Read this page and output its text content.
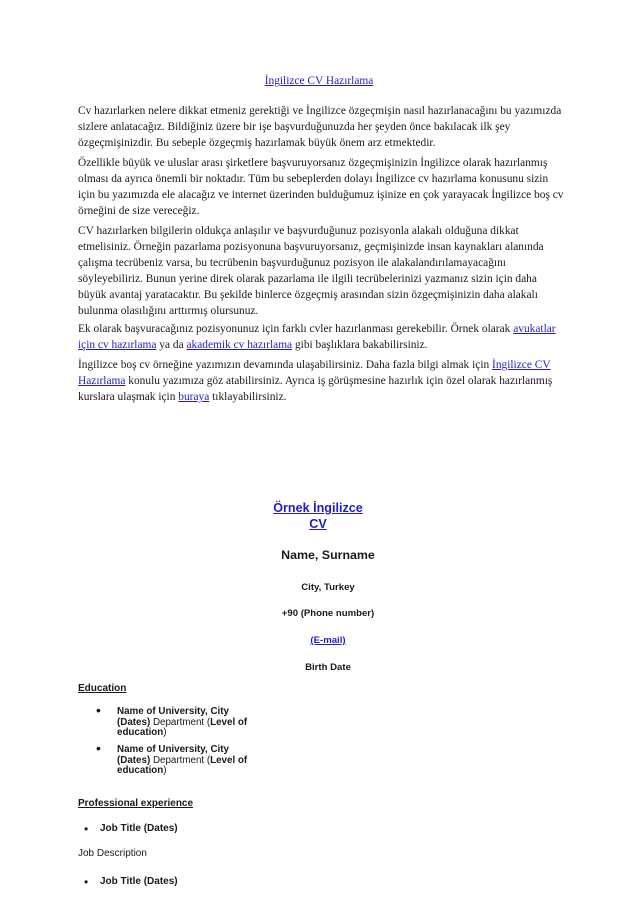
İngilizce CV Hazırlama

Cv hazırlarken nelere dikkat etmeniz gerektiği ve İngilizce özgeçmişin nasıl hazırlanacağını bu yazımızda sizlere anlatacağız. Bildiğiniz üzere bir işe başvurduğunuzda her şeyden önce bakılacak ilk şey özgeçmişinizdir. Bu sebeple özgeçmiş hazırlamak büyük önem arz etmektedir.

Özellikle büyük ve uluslar arası şirketlere başvuruyorsanız özgeçmişinizin İngilizce olarak hazırlanmış olması da ayrıca önemli bir noktadır. Tüm bu sebeplerden dolayı İngilizce cv hazırlama konusunu sizin için bu yazımızda ele alacağız ve internet üzerinden bulduğumuz işinize en çok yarayacak İngilizce boş cv örneğini de size vereceğiz.

CV hazırlarken bilgilerin oldukça anlaşılır ve başvurduğunuz pozisyonla alakalı olduğuna dikkat etmelisiniz. Örneğin pazarlama pozisyonuna başvuruyorsanız, geçmişinizde insan kaynakları alanında çalışma tecrübeniz varsa, bu tecrübenin başvurduğunuz pozisyon ile alakalandırılamayacağını söyleyebiliriz. Bunun yerine direk olarak pazarlama ile ilgili tecrübelerinizi yazmanız sizin için daha büyük avantaj yaratacaktır. Bu şekilde binlerce özgeçmiş arasından sizin özgeçmişinizin daha alakalı bulunma olasılığını arttırmış olursunuz.

Ek olarak başvuracağınız pozisyonunuz için farklı cvler hazırlanması gerekebilir. Örnek olarak avukatlar için cv hazırlama ya da akademik cv hazırlama gibi başlıklara bakabilirsiniz.

İngilizce boş cv örneğine yazımızın devamında ulaşabilirsiniz. Daha fazla bilgi almak için İngilizce CV Hazırlama konulu yazımıza göz atabilirsiniz. Ayrıca iş görüşmesine hazırlık için özel olarak hazırlanmış kurslara ulaşmak için buraya tıklayabilirsiniz.

Örnek İngilizce
CV
Name, Surname
City, Turkey
+90 (Phone number)
(E-mail)
Birth Date
Education
• Name of University, City
(Dates) Department (Level of
education)
• Name of University, City
(Dates) Department (Level of
education)
Professional experience
• Job Title (Dates)
Job Description
• Job Title (Dates)
